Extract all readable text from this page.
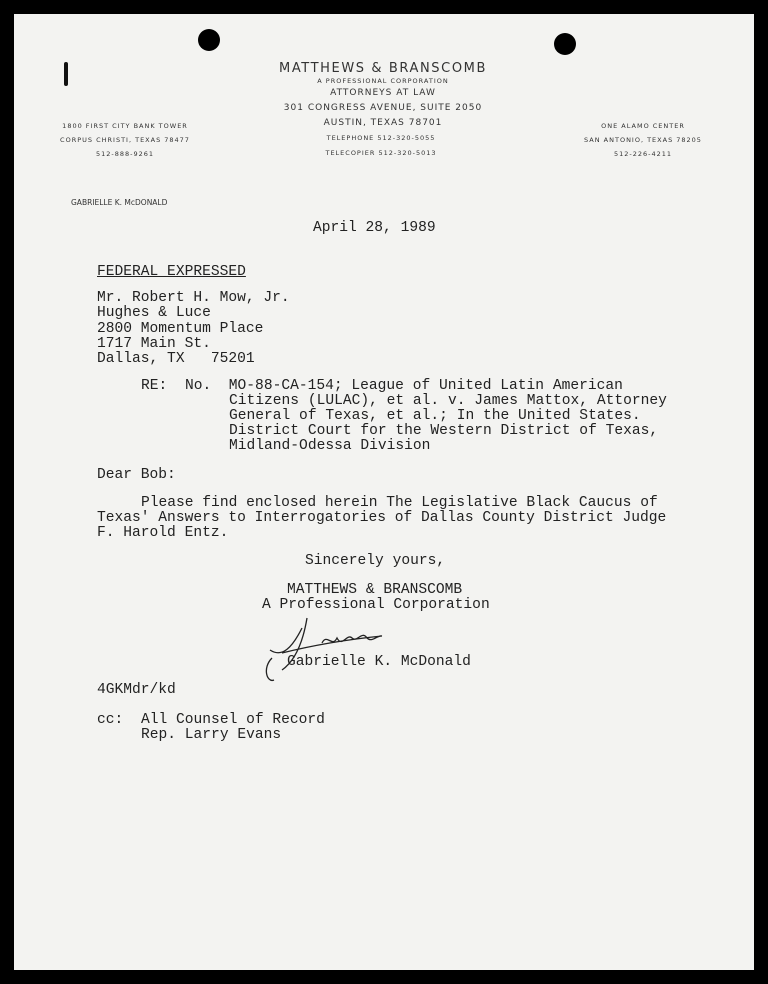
MATTHEWS & BRANSCOMB
A PROFESSIONAL CORPORATION
ATTORNEYS AT LAW
301 CONGRESS AVENUE, SUITE 2050
AUSTIN, TEXAS 78701
TELEPHONE 512-320-5055
TELECOPIER 512-320-5013
1800 FIRST CITY BANK TOWER
CORPUS CHRISTI, TEXAS 78477
512-888-9261
ONE ALAMO CENTER
SAN ANTONIO, TEXAS 78205
512-226-4211
GABRIELLE K. McDONALD
April 28, 1989
FEDERAL EXPRESSED
Mr. Robert H. Mow, Jr.
Hughes & Luce
2800 Momentum Place
1717 Main St.
Dallas, TX   75201
RE: No.  MO-88-CA-154; League of United Latin American
Citizens (LULAC), et al. v. James Mattox, Attorney
General of Texas, et al.; In the United States.
District Court for the Western District of Texas,
Midland-Odessa Division
Dear Bob:
Please find enclosed herein The Legislative Black Caucus of
Texas' Answers to Interrogatories of Dallas County District Judge
F. Harold Entz.
Sincerely yours,
MATTHEWS & BRANSCOMB
A Professional Corporation
Gabrielle K. McDonald
4GKMdr/kd
cc: All Counsel of Record
Rep. Larry Evans
